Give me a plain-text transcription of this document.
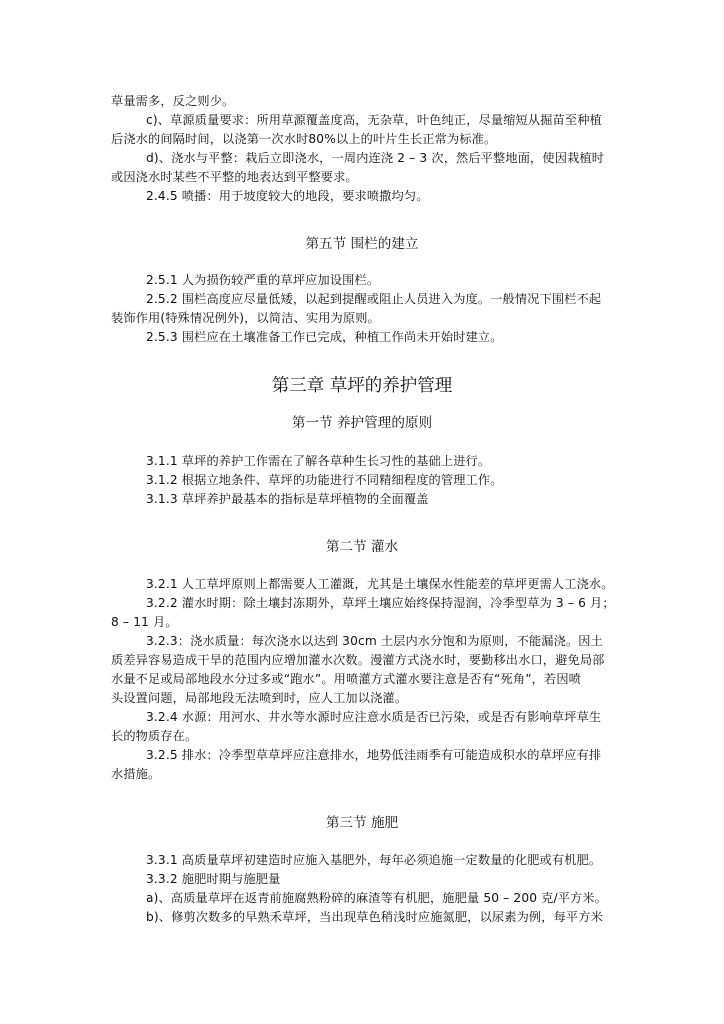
草量需多，反之则少。
c)、草源质量要求：所用草源覆盖度高，无杂草，叶色纯正，尽量缩短从掘苗至种植
后浇水的间隔时间，以浇第一次水时80%以上的叶片生长正常为标准。
d)、浇水与平整：栽后立即浇水，一周内连浇 2 – 3 次，然后平整地面，使因栽植时
或因浇水时某些不平整的地表达到平整要求。
2.4.5 喷播：用于坡度较大的地段，要求喷撒均匀。
第五节 围栏的建立
2.5.1 人为损伤较严重的草坪应加设围栏。
2.5.2 围栏高度应尽量低矮，以起到提醒或阻止人员进入为度。一般情况下围栏不起
装饰作用(特殊情况例外)，以简洁、实用为原则。
2.5.3 围栏应在土壤准备工作已完成，种植工作尚未开始时建立。
第三章 草坪的养护管理
第一节 养护管理的原则
3.1.1 草坪的养护工作需在了解各草种生长习性的基础上进行。
3.1.2 根据立地条件、草坪的功能进行不同精细程度的管理工作。
3.1.3 草坪养护最基本的指标是草坪植物的全面覆盖
第二节 灌水
3.2.1 人工草坪原则上都需要人工灌溉，尤其是土壤保水性能差的草坪更需人工浇水。
3.2.2 灌水时期：除土壤封冻期外，草坪土壤应始终保持湿润，冷季型草为 3 – 6 月；
8 – 11 月。
3.2.3：浇水质量：每次浇水以达到 30cm 土层内水分饱和为原则，不能漏浇。因土
质差异容易造成干旱的范围内应增加灌水次数。漫灌方式浇水时，要勤移出水口，避免局部
水量不足或局部地段水分过多或“跑水”。用喷灌方式灌水要注意是否有“死角”，若因喷
头设置问题，局部地段无法喷到时，应人工加以浇灌。
3.2.4 水源：用河水、井水等水源时应注意水质是否已污染，或是否有影响草坪草生
长的物质存在。
3.2.5 排水：冷季型草草坪应注意排水，地势低洼雨季有可能造成积水的草坪应有排
水措施。
第三节 施肥
3.3.1 高质量草坪初建造时应施入基肥外，每年必须追施一定数量的化肥或有机肥。
3.3.2 施肥时期与施肥量
a)、高质量草坪在返青前施腐熟粉碎的麻渣等有机肥，施肥量 50 – 200 克/平方米。
b)、修剪次数多的早熟禾草坪，当出现草色稍浅时应施氮肥，以尿素为例，每平方米
